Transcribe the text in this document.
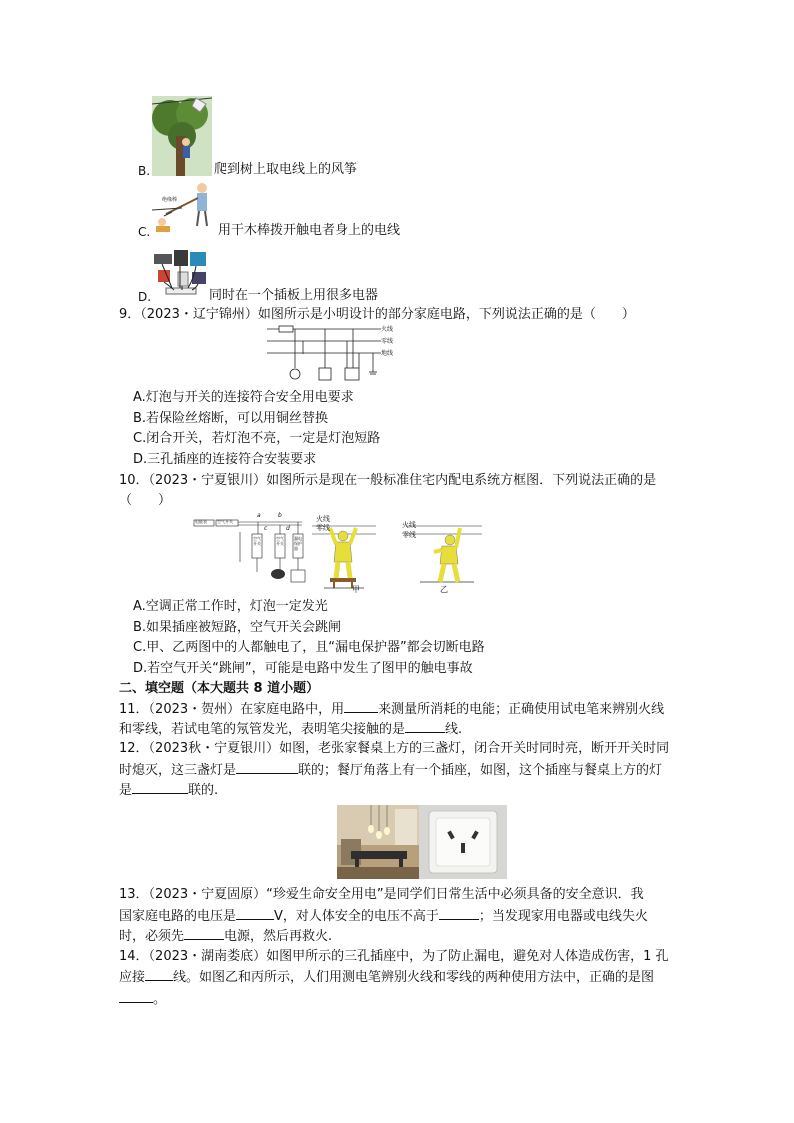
B.	爬到树上取电线上的风筝
绝缘棒
C.	用干木棒拨开触电者身上的电线
D.	同时在一个插板上用很多电器
9．（2023・辽宁锦州）如图所示是小明设计的部分家庭电路，下列说法正确的是（　　）
火线
零线
地线
A.灯泡与开关的连接符合安全用电要求
B.若保险丝熔断，可以用铜丝替换
C.闭合开关，若灯泡不亮，一定是灯泡短路
D.三孔插座的连接符合安装要求
10．（2023・宁夏银川）如图所示是现在一般标准住宅内配电系统方框图．下列说法正确的是
（　　）
电能表	空气开关
a	b
c	d
空气开关
空气开关
漏电保护器
火线
零线	火线
零线
甲	乙
A.空调正常工作时，灯泡一定发光
B.如果插座被短路，空气开关会跳闸
C.甲、乙两图中的人都触电了，且“漏电保护器”都会切断电路
D.若空气开关“跳闸”，可能是电路中发生了图甲的触电事故
二、填空题（本大题共 8 道小题）
11．（2023・贺州）在家庭电路中，用	来测量所消耗的电能；正确使用试电笔来辨别火线
和零线，若试电笔的氖管发光，表明笔尖接触的是	线.
12．（2023秋・宁夏银川）如图，老张家餐桌上方的三盏灯，闭合开关时同时亮，断开开关时同
时熄灭，这三盏灯是	联的；餐厅角落上有一个插座，如图，这个插座与餐桌上方的灯
是	联的.
13．（2023・宁夏固原）“珍爱生命安全用电”是同学们日常生活中必须具备的安全意识．我
国家庭电路的电压是	V，对人体安全的电压不高于	；当发现家用电器或电线失火
时，必须先	电源，然后再救火.
14．（2023・湖南娄底）如图甲所示的三孔插座中，为了防止漏电，避免对人体造成伤害，1 孔
应接 线。如图乙和丙所示，人们用测电笔辨别火线和零线的两种使用方法中，正确的是图
。
